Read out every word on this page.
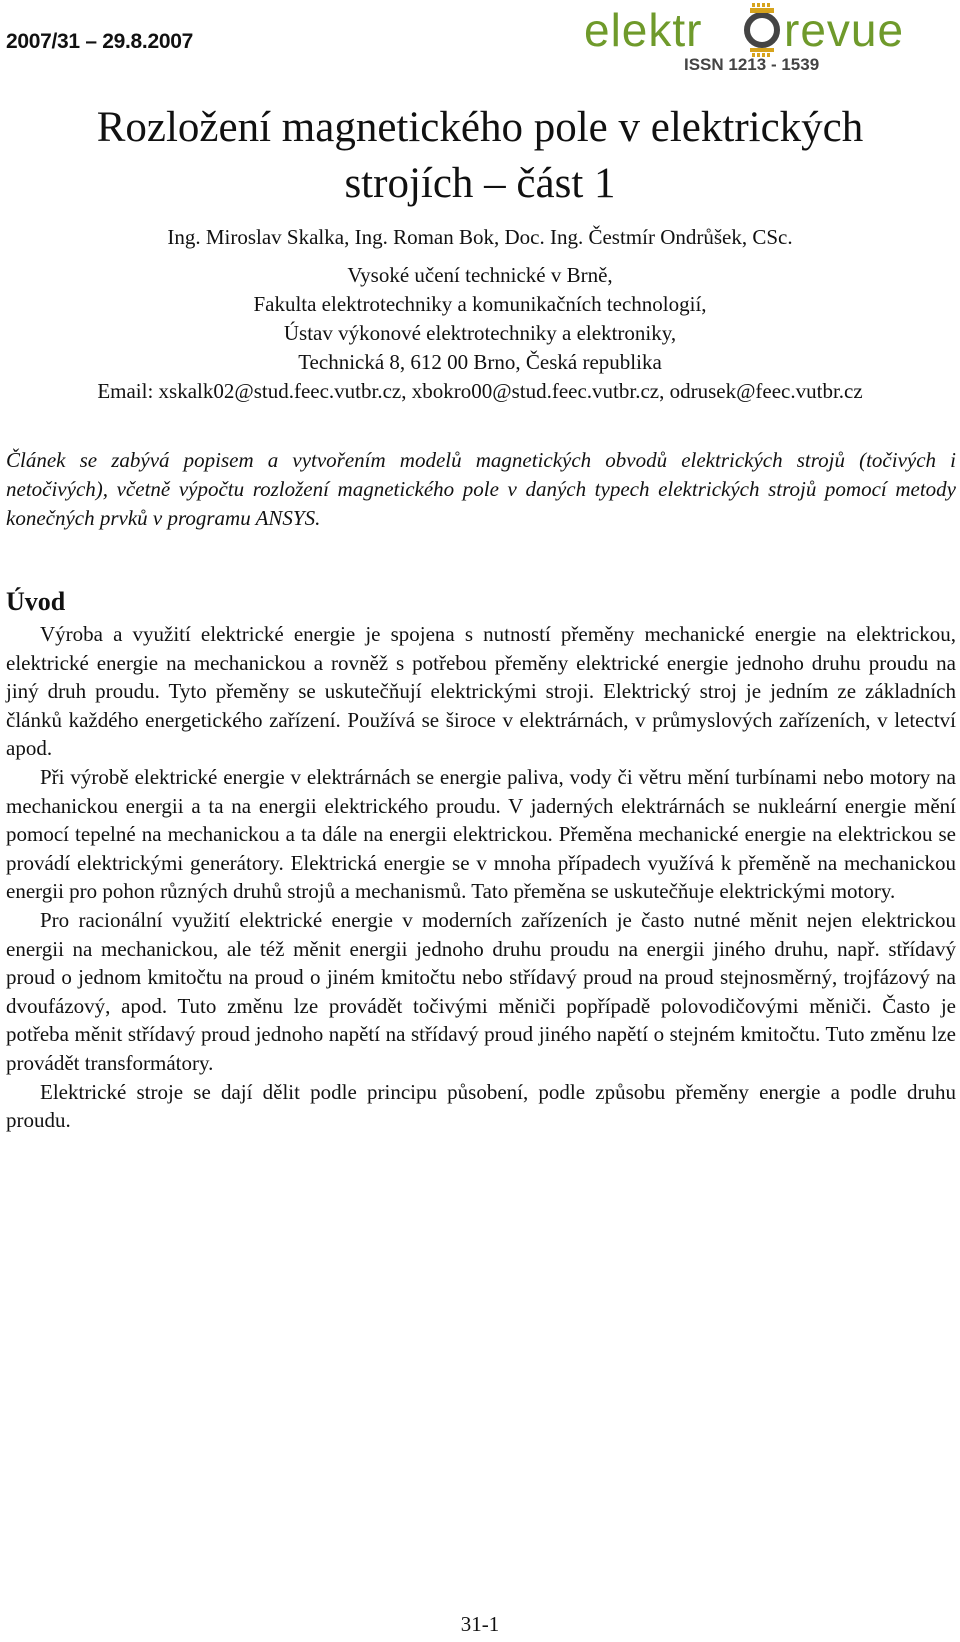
2007/31 – 29.8.2007	elektr revue
ISSN 1213 - 1539
Rozložení magnetického pole v elektrických
strojích – část 1
Ing. Miroslav Skalka, Ing. Roman Bok, Doc. Ing. Čestmír Ondrůšek, CSc.
Vysoké učení technické v Brně,
Fakulta elektrotechniky a komunikačních technologií,
Ústav výkonové elektrotechniky a elektroniky,
Technická 8, 612 00 Brno, Česká republika
Email: xskalk02@stud.feec.vutbr.cz, xbokro00@stud.feec.vutbr.cz, odrusek@feec.vutbr.cz
Článek se zabývá popisem a vytvořením modelů magnetických obvodů elektrických strojů (točivých i netočivých), včetně výpočtu rozložení magnetického pole v daných typech elektrických strojů pomocí metody konečných prvků v programu ANSYS.
Úvod

Výroba a využití elektrické energie je spojena s nutností přeměny mechanické energie na elektrickou, elektrické energie na mechanickou a rovněž s potřebou přeměny elektrické energie jednoho druhu proudu na jiný druh proudu. Tyto přeměny se uskutečňují elektrickými stroji. Elektrický stroj je jedním ze základních článků každého energetického zařízení. Používá se široce v elektrárnách, v průmyslových zařízeních, v letectví apod.

Při výrobě elektrické energie v elektrárnách se energie paliva, vody či větru mění turbínami nebo motory na mechanickou energii a ta na energii elektrického proudu. V jaderných elektrárnách se nukleární energie mění pomocí tepelné na mechanickou a ta dále na energii elektrickou. Přeměna mechanické energie na elektrickou se provádí elektrickými generátory. Elektrická energie se v mnoha případech využívá k přeměně na mechanickou energii pro pohon různých druhů strojů a mechanismů. Tato přeměna se uskutečňuje elektrickými motory.

Pro racionální využití elektrické energie v moderních zařízeních je často nutné měnit nejen elektrickou energii na mechanickou, ale též měnit energii jednoho druhu proudu na energii jiného druhu, např. střídavý proud o jednom kmitočtu na proud o jiném kmitočtu nebo střídavý proud na proud stejnosměrný, trojfázový na dvoufázový, apod. Tuto změnu lze provádět točivými měniči popřípadě polovodičovými měniči. Často je potřeba měnit střídavý proud jednoho napětí na střídavý proud jiného napětí o stejném kmitočtu. Tuto změnu lze provádět transformátory.

Elektrické stroje se dají dělit podle principu působení, podle způsobu přeměny energie a podle druhu proudu.

31-1
